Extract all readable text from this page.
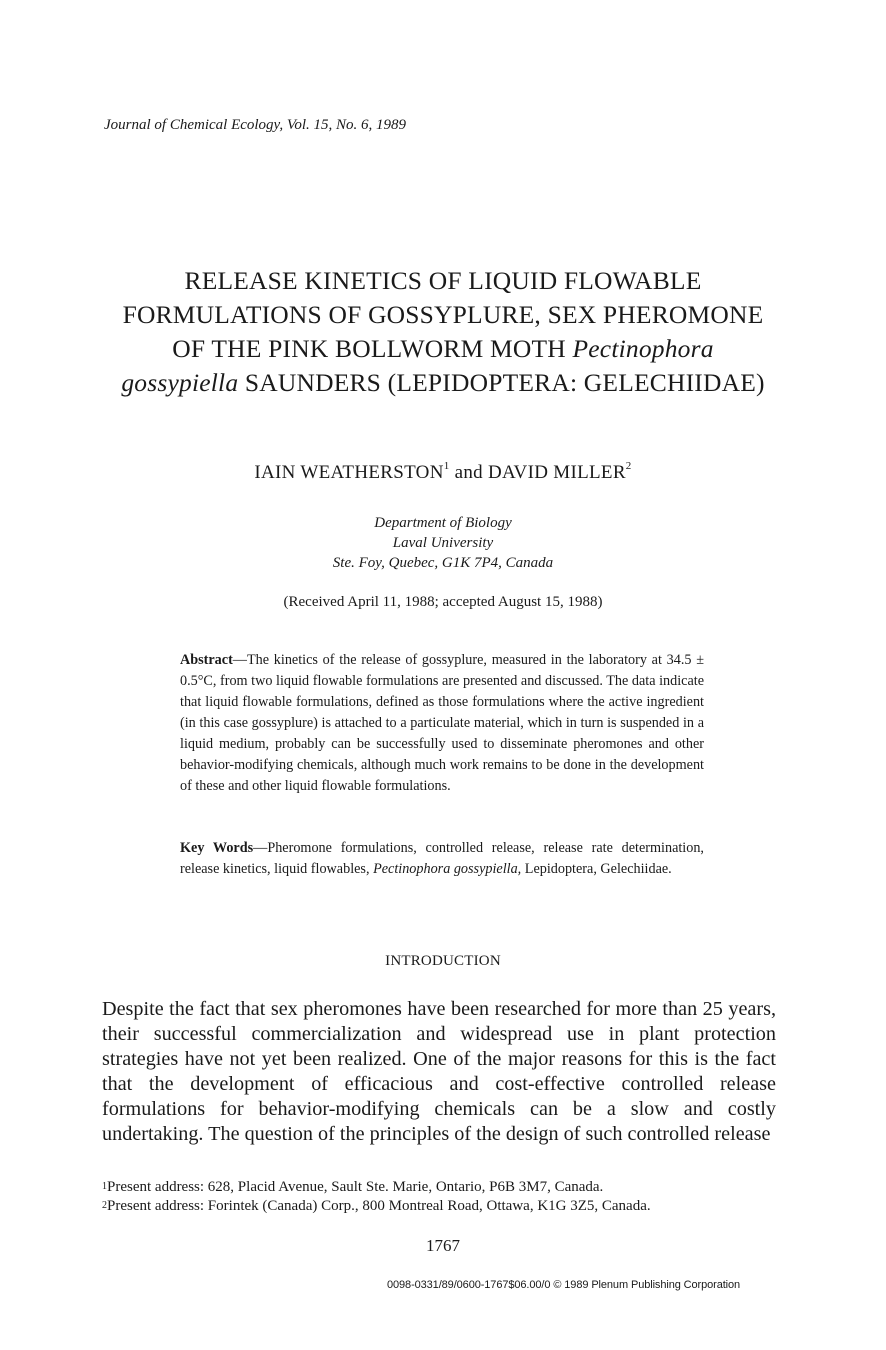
Journal of Chemical Ecology, Vol. 15, No. 6, 1989
RELEASE KINETICS OF LIQUID FLOWABLE
FORMULATIONS OF GOSSYPLURE, SEX PHEROMONE
OF THE PINK BOLLWORM MOTH Pectinophora
gossypiella SAUNDERS (LEPIDOPTERA: GELECHIIDAE)
IAIN WEATHERSTON$^1$ and DAVID MILLER$^2$
Department of Biology
Laval University
Ste. Foy, Quebec, G1K 7P4, Canada
(Received April 11, 1988; accepted August 15, 1988)
Abstract—The kinetics of the release of gossyplure, measured in the laboratory at 34.5 ± 0.5°C, from two liquid flowable formulations are presented and discussed. The data indicate that liquid flowable formulations, defined as those formulations where the active ingredient (in this case gossyplure) is attached to a particulate material, which in turn is suspended in a liquid medium, probably can be successfully used to disseminate pheromones and other behavior-modifying chemicals, although much work remains to be done in the development of these and other liquid flowable formulations.
Key Words—Pheromone formulations, controlled release, release rate determination, release kinetics, liquid flowables, Pectinophora gossypiella, Lepidoptera, Gelechiidae.
INTRODUCTION
Despite the fact that sex pheromones have been researched for more than 25 years, their successful commercialization and widespread use in plant protection strategies have not yet been realized. One of the major reasons for this is the fact that the development of efficacious and cost-effective controlled release formulations for behavior-modifying chemicals can be a slow and costly undertaking. The question of the principles of the design of such controlled release
$^1$Present address: 628, Placid Avenue, Sault Ste. Marie, Ontario, P6B 3M7, Canada.
$^2$Present address: Forintek (Canada) Corp., 800 Montreal Road, Ottawa, K1G 3Z5, Canada.
1767
0098-0331/89/0600-1767$06.00/0 © 1989 Plenum Publishing Corporation
